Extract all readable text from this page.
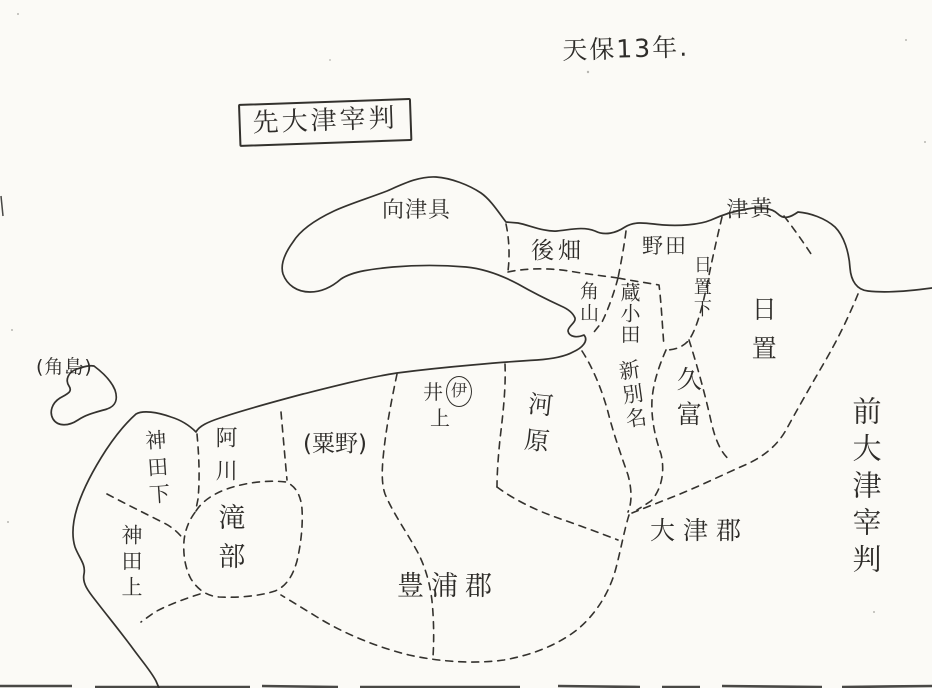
天保13年.
先大津宰判
向津具
後畑	野田
津黄
(粟野)
日置下
日置
角山 蔵小田
新別名 久富
河原
阿川
神田下
神田上	滝部
井 伊
上
(角島)
大津郡
豊浦郡
前大津宰判
